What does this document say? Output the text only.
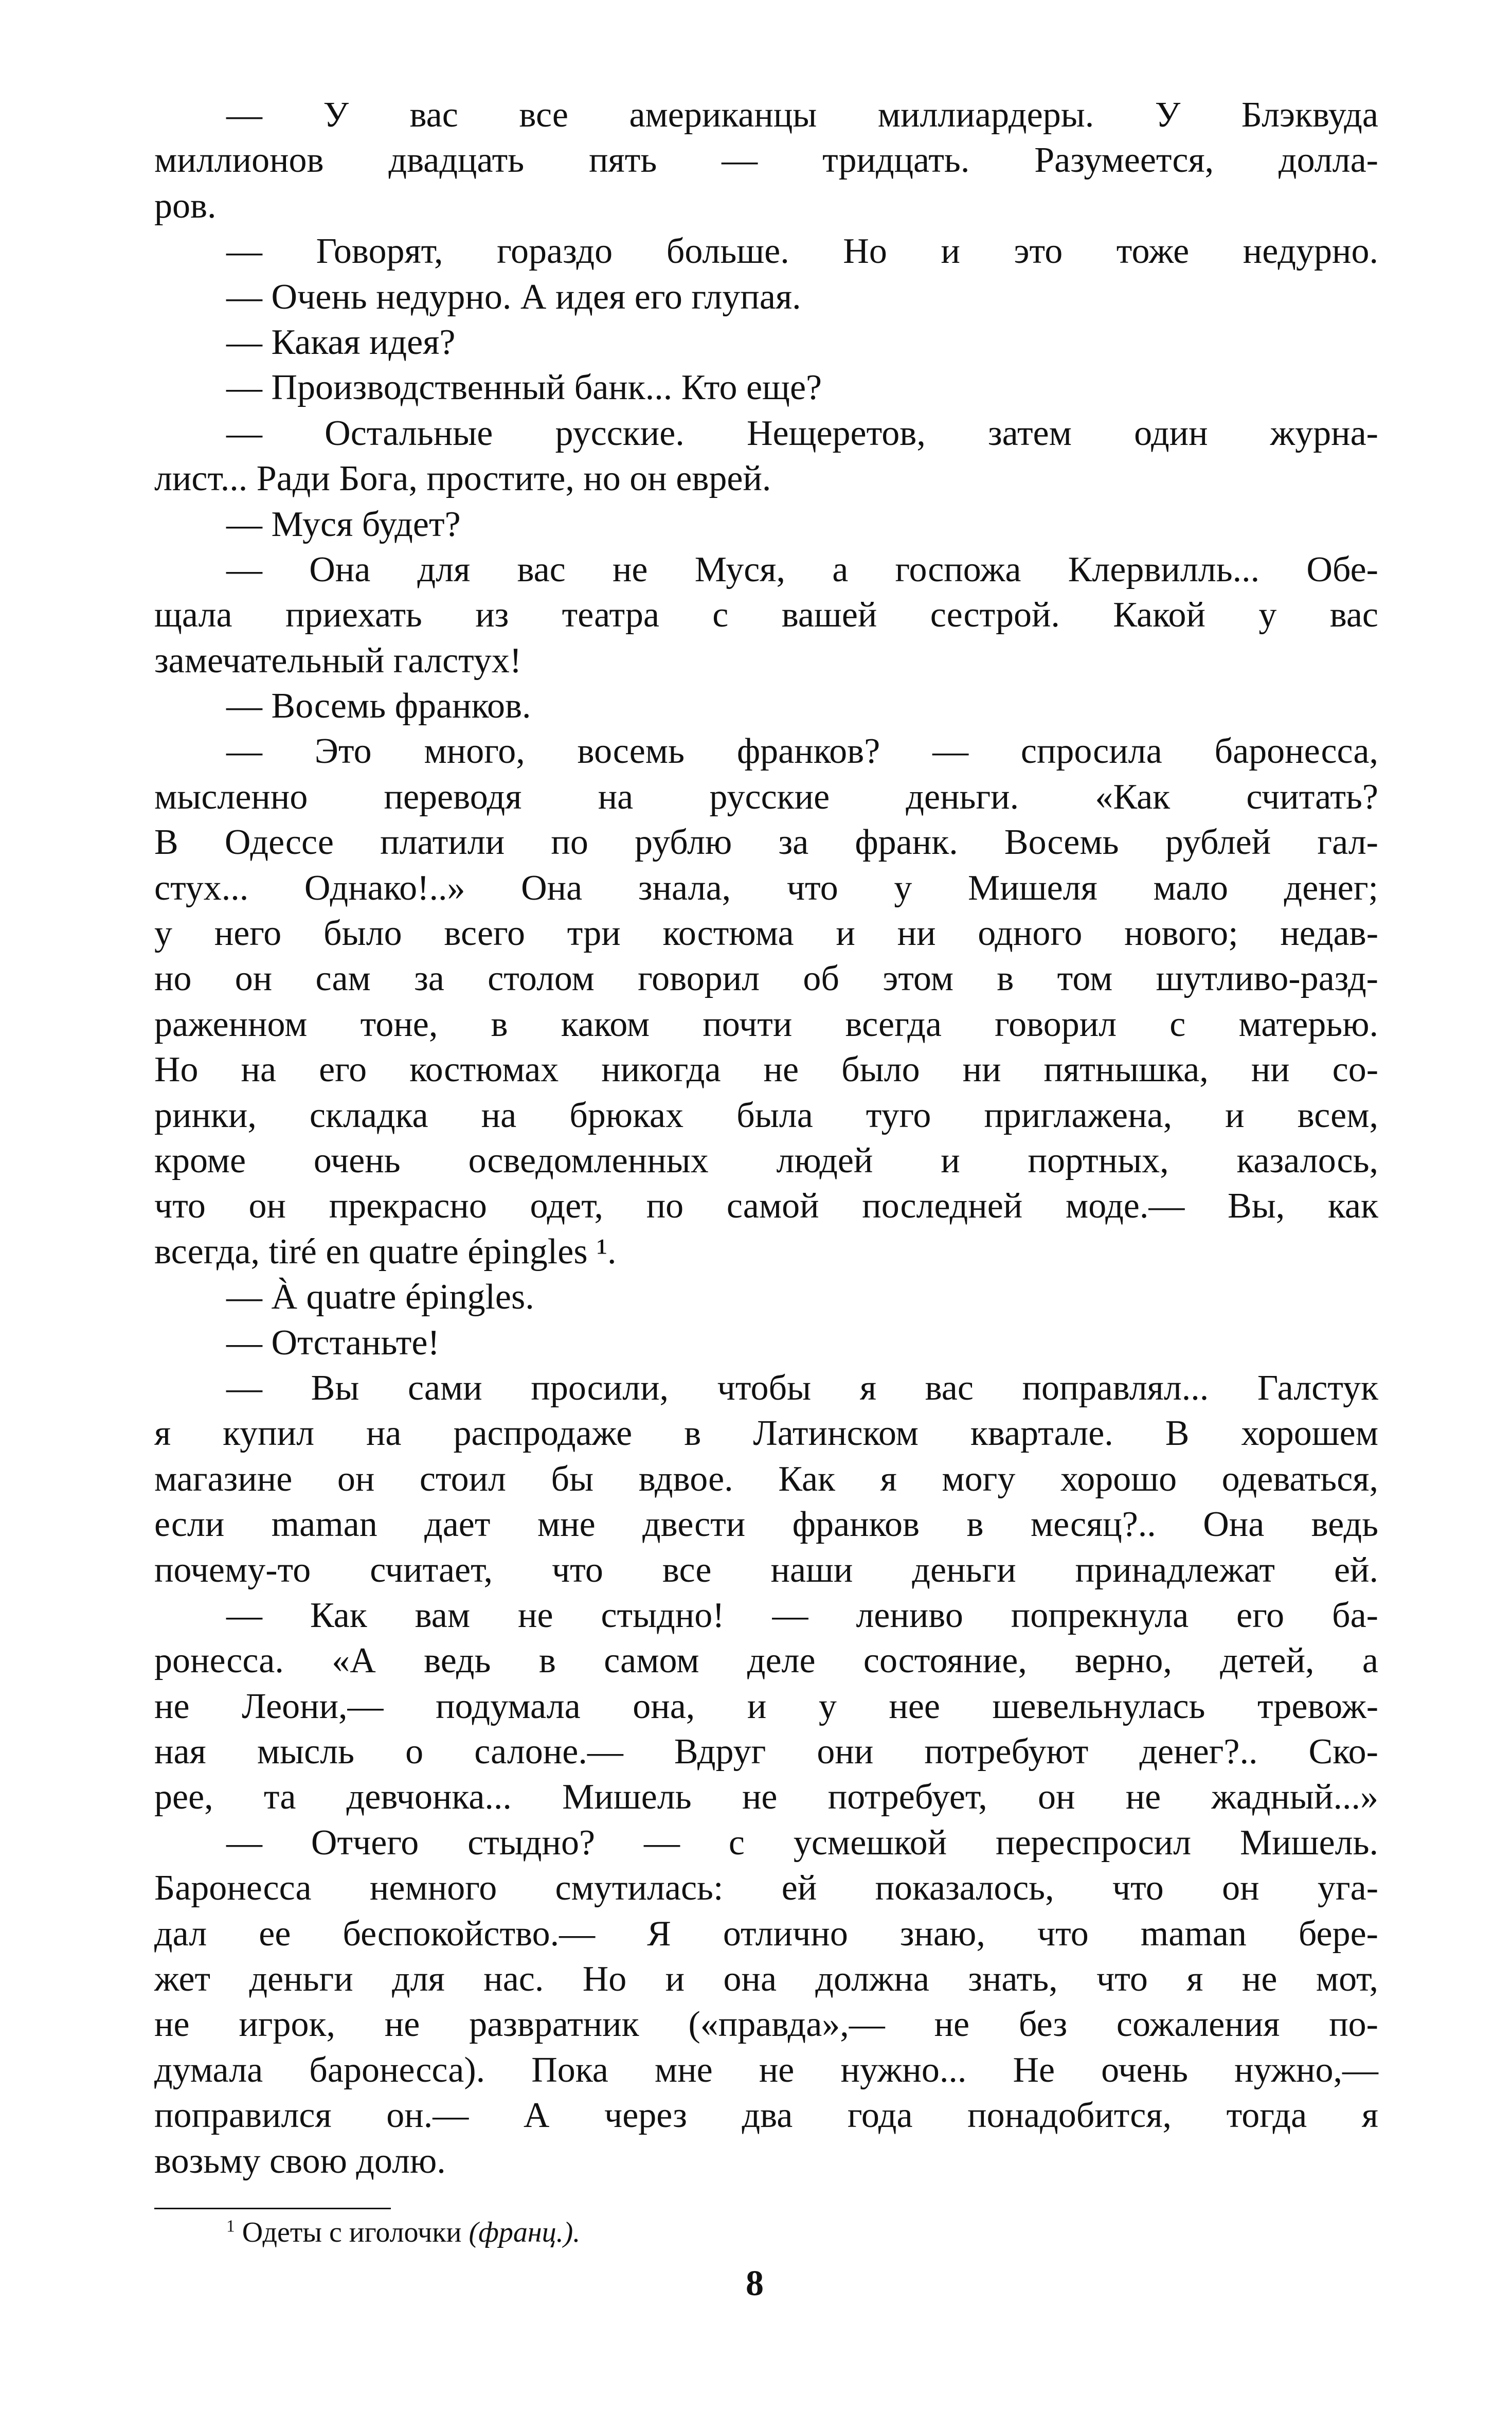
— У вас все американцы миллиардеры. У Блэквуда
миллионов двадцать пять — тридцать. Разумеется, долла-
ров.
— Говорят, гораздо больше. Но и это тоже недурно.
— Очень недурно. А идея его глупая.
— Какая идея?
— Производственный банк... Кто еще?
— Остальные русские. Нещеретов, затем один журна-
лист... Ради Бога, простите, но он еврей.
— Муся будет?
— Она для вас не Муся, а госпожа Клервилль... Обе-
щала приехать из театра с вашей сестрой. Какой у вас
замечательный галстух!
— Восемь франков.
— Это много, восемь франков? — спросила баронесса,
мысленно переводя на русские деньги. «Как считать?
В Одессе платили по рублю за франк. Восемь рублей гал-
стух... Однако!..» Она знала, что у Мишеля мало денег;
у него было всего три костюма и ни одного нового; недав-
но он сам за столом говорил об этом в том шутливо-разд-
раженном тоне, в каком почти всегда говорил с матерью.
Но на его костюмах никогда не было ни пятнышка, ни со-
ринки, складка на брюках была туго приглажена, и всем,
кроме очень осведомленных людей и портных, казалось,
что он прекрасно одет, по самой последней моде.— Вы, как
всегда, tiré en quatre épingles ¹.
— À quatre épingles.
— Отстаньте!
— Вы сами просили, чтобы я вас поправлял... Галстук
я купил на распродаже в Латинском квартале. В хорошем
магазине он стоил бы вдвое. Как я могу хорошо одеваться,
если maman дает мне двести франков в месяц?.. Она ведь
почему-то считает, что все наши деньги принадлежат ей.
— Как вам не стыдно! — лениво попрекнула его ба-
ронесса. «А ведь в самом деле состояние, верно, детей, а
не Леони,— подумала она, и у нее шевельнулась тревож-
ная мысль о салоне.— Вдруг они потребуют денег?.. Ско-
рее, та девчонка... Мишель не потребует, он не жадный...»
— Отчего стыдно? — с усмешкой переспросил Мишель.
Баронесса немного смутилась: ей показалось, что он уга-
дал ее беспокойство.— Я отлично знаю, что maman бере-
жет деньги для нас. Но и она должна знать, что я не мот,
не игрок, не развратник («правда»,— не без сожаления по-
думала баронесса). Пока мне не нужно... Не очень нужно,—
поправился он.— А через два года понадобится, тогда я
возьму свою долю.
$^1$ Одеты с иголочки (франц.).
8
